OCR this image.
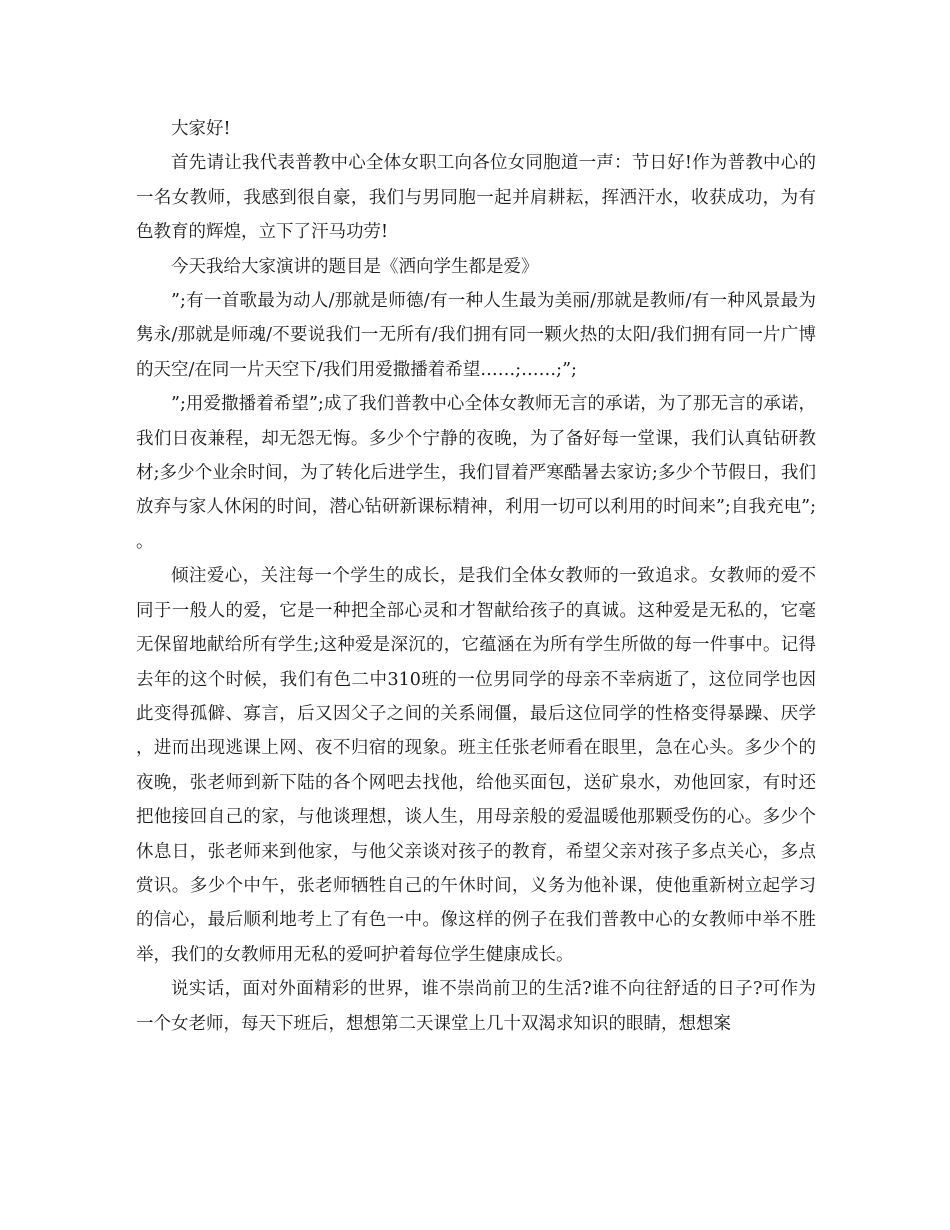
大家好!

首先请让我代表普教中心全体女职工向各位女同胞道一声：节日好!作为普教中心的一名女教师，我感到很自豪，我们与男同胞一起并肩耕耘，挥洒汗水，收获成功，为有色教育的辉煌，立下了汗马功劳!

今天我给大家演讲的题目是《洒向学生都是爱》

”;有一首歌最为动人/那就是师德/有一种人生最为美丽/那就是教师/有一种风景最为隽永/那就是师魂/不要说我们一无所有/我们拥有同一颗火热的太阳/我们拥有同一片广博的天空/在同一片天空下/我们用爱撒播着希望……;……;”;

”;用爱撒播着希望”;成了我们普教中心全体女教师无言的承诺，为了那无言的承诺，我们日夜兼程，却无怨无悔。多少个宁静的夜晚，为了备好每一堂课，我们认真钻研教材;多少个业余时间，为了转化后进学生，我们冒着严寒酷暑去家访;多少个节假日，我们放弃与家人休闲的时间，潜心钻研新课标精神，利用一切可以利用的时间来”;自我充电”;。

倾注爱心，关注每一个学生的成长，是我们全体女教师的一致追求。女教师的爱不同于一般人的爱，它是一种把全部心灵和才智献给孩子的真诚。这种爱是无私的，它毫无保留地献给所有学生;这种爱是深沉的，它蕴涵在为所有学生所做的每一件事中。记得去年的这个时候，我们有色二中310班的一位男同学的母亲不幸病逝了，这位同学也因此变得孤僻、寡言，后又因父子之间的关系闹僵，最后这位同学的性格变得暴躁、厌学，进而出现逃课上网、夜不归宿的现象。班主任张老师看在眼里，急在心头。多少个的夜晚，张老师到新下陆的各个网吧去找他，给他买面包，送矿泉水，劝他回家，有时还把他接回自己的家，与他谈理想，谈人生，用母亲般的爱温暖他那颗受伤的心。多少个休息日，张老师来到他家，与他父亲谈对孩子的教育，希望父亲对孩子多点关心，多点赏识。多少个中午，张老师牺牲自己的午休时间，义务为他补课，使他重新树立起学习的信心，最后顺利地考上了有色一中。像这样的例子在我们普教中心的女教师中举不胜举，我们的女教师用无私的爱呵护着每位学生健康成长。

说实话，面对外面精彩的世界，谁不崇尚前卫的生活?谁不向往舒适的日子?可作为一个女老师，每天下班后，想想第二天课堂上几十双渴求知识的眼睛，想想案
